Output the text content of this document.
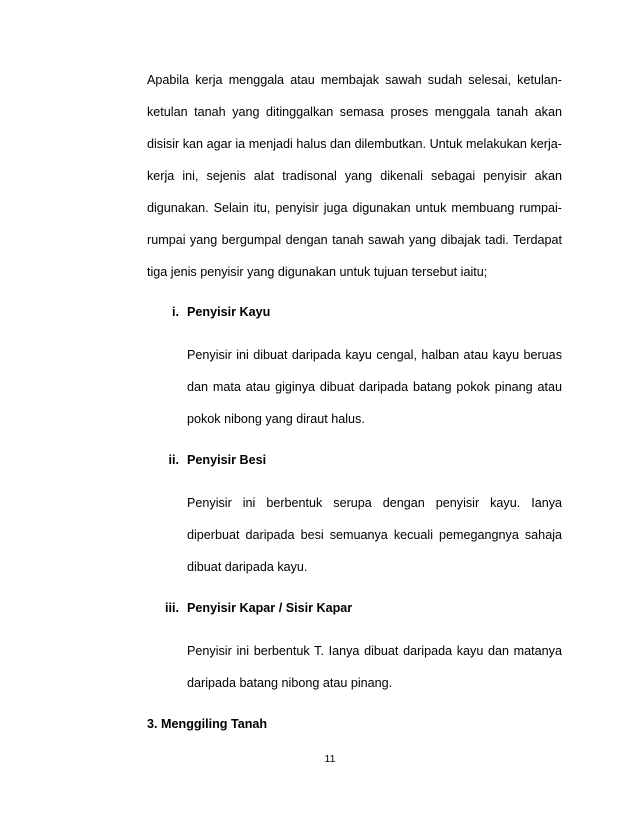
Apabila kerja menggala atau membajak sawah sudah selesai, ketulan-
ketulan tanah yang ditinggalkan semasa proses menggala tanah akan
disisir kan agar ia menjadi halus dan dilembutkan. Untuk melakukan kerja-
kerja ini, sejenis alat tradisonal yang dikenali sebagai penyisir akan
digunakan. Selain itu, penyisir juga digunakan untuk membuang rumpai-
rumpai yang bergumpal dengan tanah sawah yang dibajak tadi. Terdapat
tiga jenis penyisir yang digunakan untuk tujuan tersebut iaitu;
i. Penyisir Kayu
Penyisir ini dibuat daripada kayu cengal, halban atau kayu beruas
dan mata atau giginya dibuat daripada batang pokok pinang atau
pokok nibong yang diraut halus.
ii. Penyisir Besi
Penyisir ini berbentuk serupa dengan penyisir kayu. Ianya
diperbuat daripada besi semuanya kecuali pemegangnya sahaja
dibuat daripada kayu.
iii. Penyisir Kapar / Sisir Kapar
Penyisir ini berbentuk T. Ianya dibuat daripada kayu dan matanya
daripada batang nibong atau pinang.
3. Menggiling Tanah
11
